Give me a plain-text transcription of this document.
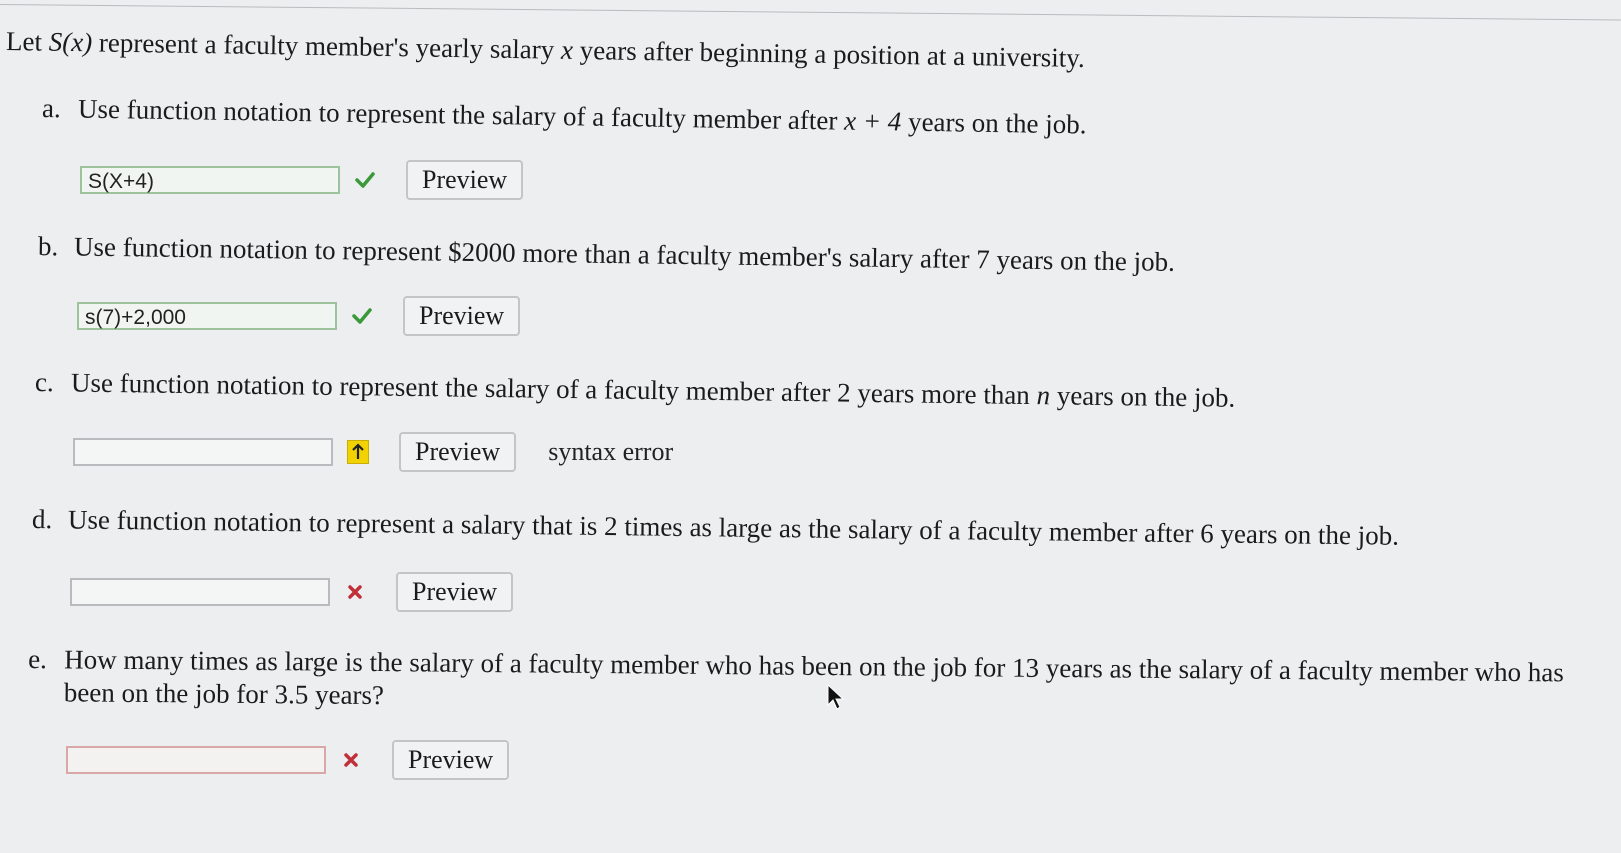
Let S(x) represent a faculty member's yearly salary x years after beginning a position at a university.
a. Use function notation to represent the salary of a faculty member after x + 4 years on the job.
S(X+4)	Preview
b. Use function notation to represent $2000 more than a faculty member's salary after 7 years on the job.
s(7)+2,000	Preview
c. Use function notation to represent the salary of a faculty member after 2 years more than n years on the job.
Preview	syntax error
d. Use function notation to represent a salary that is 2 times as large as the salary of a faculty member after 6 years on the job.
Preview
e. How many times as large is the salary of a faculty member who has been on the job for 13 years as the salary of a faculty member who has been on the job for 3.5 years?
Preview
